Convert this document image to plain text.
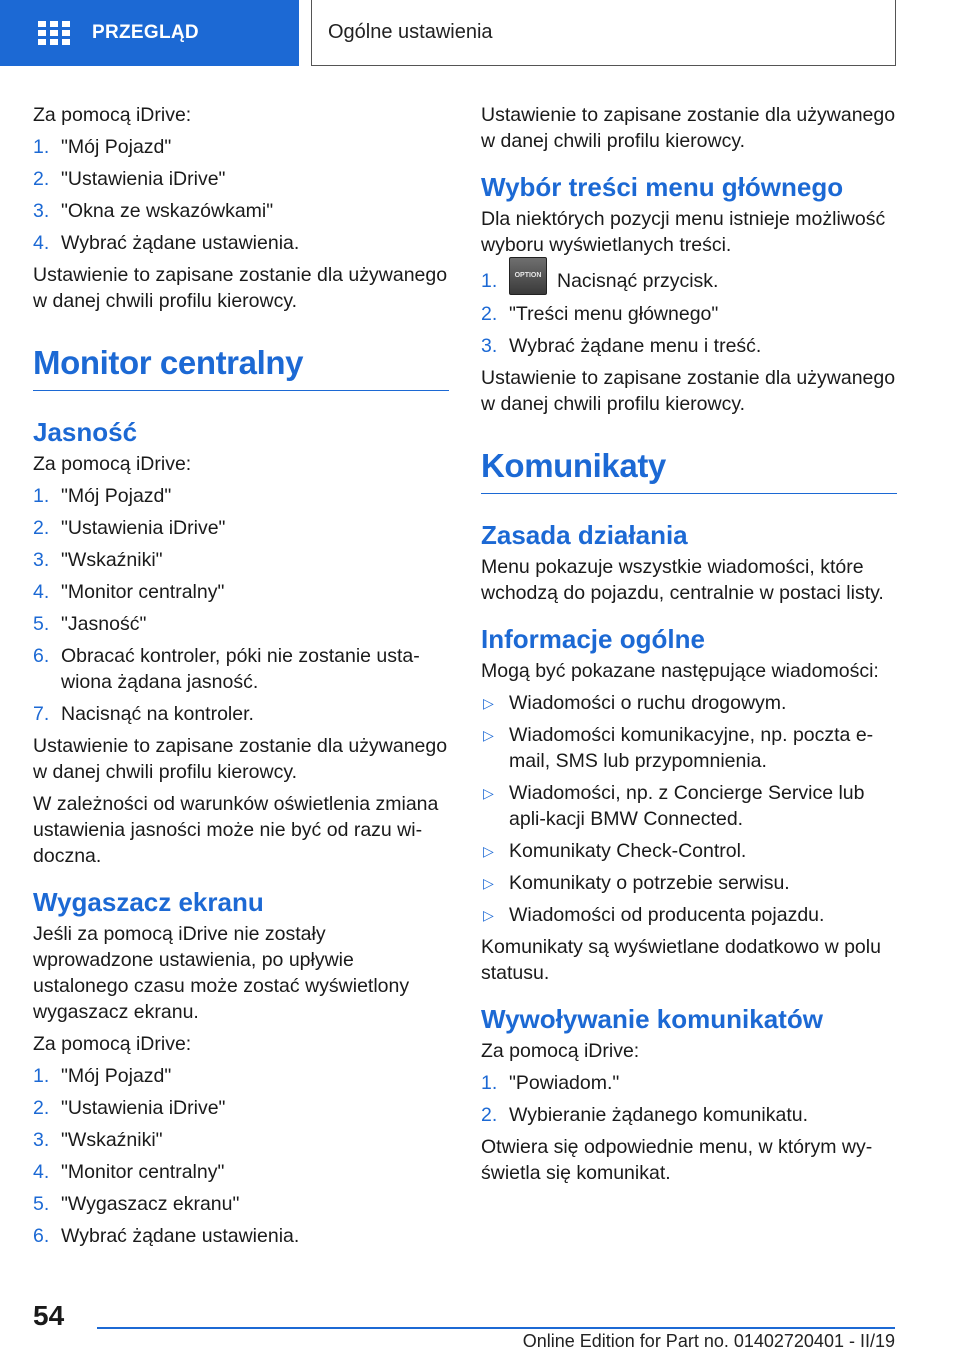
PRZEGLĄD	Ogólne ustawienia

Za pomocą iDrive:

1. "Mój Pojazd"
2. "Ustawienia iDrive"
3. "Okna ze wskazówkami"
4. Wybrać żądane ustawienia.

Ustawienie to zapisane zostanie dla używanego w danej chwili profilu kierowcy.

Monitor centralny
Jasność

Za pomocą iDrive:

1. "Mój Pojazd"
2. "Ustawienia iDrive"
3. "Wskaźniki"
4. "Monitor centralny"
5. "Jasność"
6. Obracać kontroler, póki nie zostanie usta-wiona żądana jasność.
7. Nacisnąć na kontroler.

Ustawienie to zapisane zostanie dla używanego w danej chwili profilu kierowcy.

W zależności od warunków oświetlenia zmiana ustawienia jasności może nie być od razu wi-doczna.

Wygaszacz ekranu

Jeśli za pomocą iDrive nie zostały wprowadzone ustawienia, po upływie ustalonego czasu może zostać wyświetlony wygaszacz ekranu.

Za pomocą iDrive:

1. "Mój Pojazd"
2. "Ustawienia iDrive"
3. "Wskaźniki"
4. "Monitor centralny"
5. "Wygaszacz ekranu"
6. Wybrać żądane ustawienia.

Ustawienie to zapisane zostanie dla używanego w danej chwili profilu kierowcy.

Wybór treści menu głównego

Dla niektórych pozycji menu istnieje możliwość wyboru wyświetlanych treści.

1.	OPTION Nacisnąć przycisk.
2. "Treści menu głównego"
3. Wybrać żądane menu i treść.

Ustawienie to zapisane zostanie dla używanego w danej chwili profilu kierowcy.

Komunikaty
Zasada działania

Menu pokazuje wszystkie wiadomości, które wchodzą do pojazdu, centralnie w postaci listy.

Informacje ogólne

Mogą być pokazane następujące wiadomości:

▷ Wiadomości o ruchu drogowym.
▷ Wiadomości komunikacyjne, np. poczta e-mail, SMS lub przypomnienia.
▷ Wiadomości, np. z Concierge Service lub apli-kacji BMW Connected.
▷ Komunikaty Check-Control.
▷ Komunikaty o potrzebie serwisu.
▷ Wiadomości od producenta pojazdu.

Komunikaty są wyświetlane dodatkowo w polu statusu.

Wywoływanie komunikatów

Za pomocą iDrive:

1. "Powiadom."
2. Wybieranie żądanego komunikatu.

Otwiera się odpowiednie menu, w którym wy-świetla się komunikat.

54
Online Edition for Part no. 01402720401 - II/19
